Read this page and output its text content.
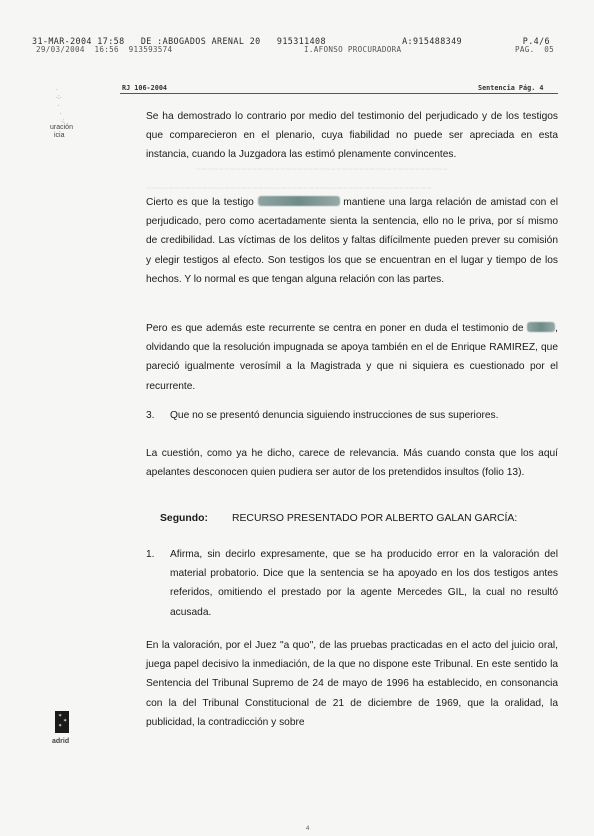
31-MAR-2004 17:58 DE :ABOGADOS ARENAL 20 915311408	A:915488349	P.4/6
29/03/2004  16:56 913593574	I.AFONSO PROCURADORA	PAG.  05
·
·:·
·
·
·:
uración
icia
✶
✶
✶
adrid
RJ 106-2004	Sentencia Pág. 4
~~~~~~~~~~~~~~~~~~~~~~~~~~~~~~~~~~~~~~~~~~~~~
~~~~~~~~~~~~~~~~~~~~~~~~~~~~~~~~~~~~~~~~~~~~~~~~~~~

Se ha demostrado lo contrario por medio del testimonio del perjudicado y de los testigos que comparecieron en el plenario, cuya fiabilidad no puede ser apreciada en esta instancia, cuando la Juzgadora las estimó plenamente convincentes.

Cierto es que la testigo	mantiene una larga relación de amistad con el perjudicado, pero como acertadamente sienta la sentencia, ello no le priva, por sí mismo de credibilidad. Las víctimas de los delitos y faltas difícilmente pueden prever su comisión y elegir testigos al efecto. Son testigos los que se encuentran en el lugar y tiempo de los hechos. Y lo normal es que tengan alguna relación con las partes.

Pero es que además este recurrente se centra en poner en duda el testimonio de	, olvidando que la resolución impugnada se apoya también en el de Enrique RAMIREZ, que pareció igualmente verosímil a la Magistrada y que ni siquiera es cuestionado por el recurrente.

3. Que no se presentó denuncia siguiendo instrucciones de sus superiores.

La cuestión, como ya he dicho, carece de relevancia. Más cuando consta que los aquí apelantes desconocen quien pudiera ser autor de los pretendidos insultos (folio 13).

Segundo: RECURSO PRESENTADO POR ALBERTO GALAN GARCÍA:
1. Afirma, sin decirlo expresamente, que se ha producido error en la valoración del material probatorio. Dice que la sentencia se ha apoyado en los dos testigos antes referidos, omitiendo el prestado por la agente Mercedes GIL, la cual no resultó acusada.

En la valoración, por el Juez "a quo", de las pruebas practicadas en el acto del juicio oral, juega papel decisivo la inmediación, de la que no dispone este Tribunal. En este sentido la Sentencia del Tribunal Supremo de 24 de mayo de 1996 ha establecido, en consonancia con la del Tribunal Constitucional de 21 de diciembre de 1969, que la oralidad, la publicidad, la contradicción y sobre

4
